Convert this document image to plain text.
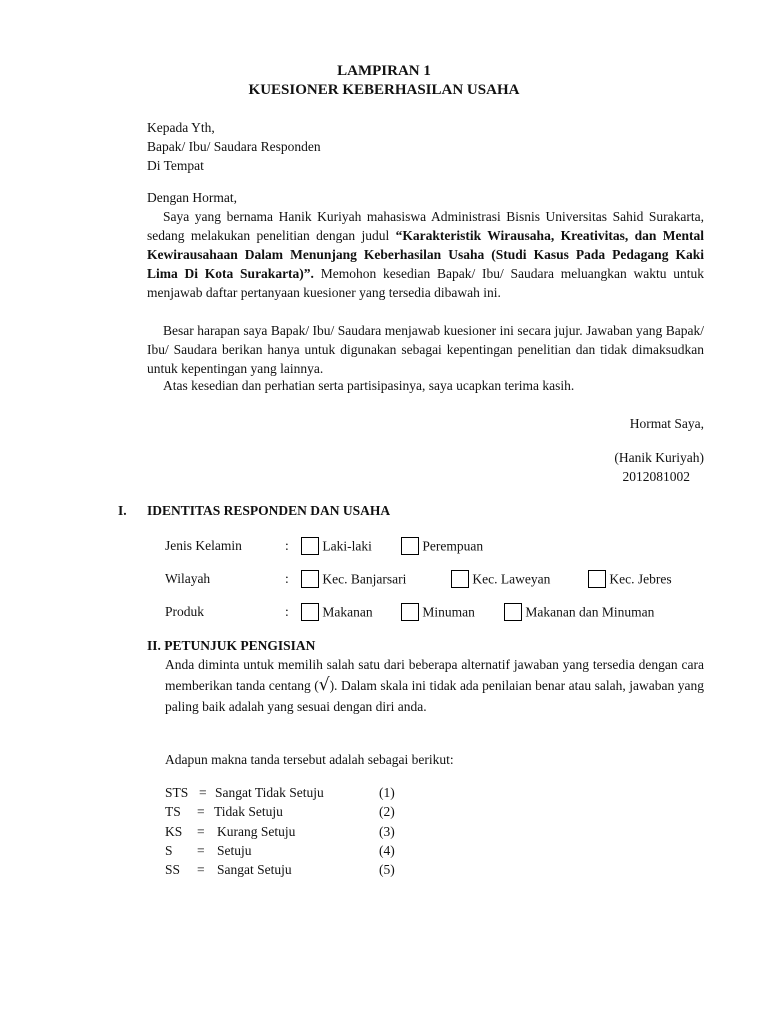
LAMPIRAN 1
KUESIONER KEBERHASILAN USAHA
Kepada Yth,
Bapak/ Ibu/ Saudara Responden
Di Tempat
Dengan Hormat,
Saya yang bernama Hanik Kuriyah mahasiswa Administrasi Bisnis Universitas Sahid Surakarta, sedang melakukan penelitian dengan judul “Karakteristik Wirausaha, Kreativitas, dan Mental Kewirausahaan Dalam Menunjang Keberhasilan Usaha (Studi Kasus Pada Pedagang Kaki Lima Di Kota Surakarta)”. Memohon kesedian Bapak/ Ibu/ Saudara meluangkan waktu untuk menjawab daftar pertanyaan kuesioner yang tersedia dibawah ini.
Besar harapan saya Bapak/ Ibu/ Saudara menjawab kuesioner ini secara jujur. Jawaban yang Bapak/ Ibu/ Saudara berikan hanya untuk digunakan sebagai kepentingan penelitian dan tidak dimaksudkan untuk kepentingan yang lainnya.
Atas kesedian dan perhatian serta partisipasinya, saya ucapkan terima kasih.
Hormat Saya,
(Hanik Kuriyah)
2012081002
I. IDENTITAS RESPONDEN DAN USAHA
Jenis Kelamin	:	Laki-laki	Perempuan
Wilayah	:	Kec. Banjarsari	Kec. Laweyan	Kec. Jebres
Produk	:	Makanan	Minuman	Makanan dan Minuman
II. PETUNJUK PENGISIAN
Anda diminta untuk memilih salah satu dari beberapa alternatif jawaban yang tersedia dengan cara memberikan tanda centang (√). Dalam skala ini tidak ada penilaian benar atau salah, jawaban yang paling baik adalah yang sesuai dengan diri anda.
Adapun makna tanda tersebut adalah sebagai berikut:
STS = Sangat Tidak Setuju	(1)
TS = Tidak Setuju	(2)
KS = Kurang Setuju	(3)
S = Setuju	(4)
SS = Sangat Setuju	(5)
